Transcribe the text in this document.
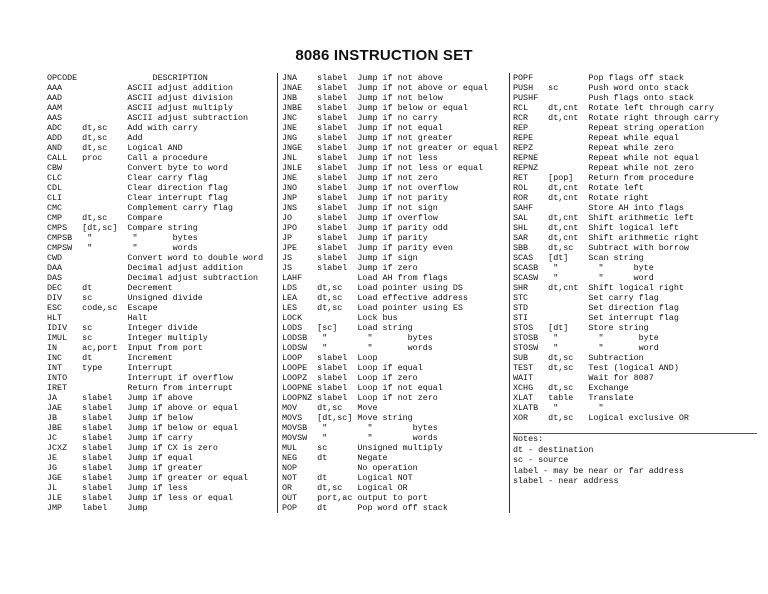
8086 INSTRUCTION SET
OPCODE               DESCRIPTION
AAA             ASCII adjust addition
AAD             ASCII adjust division
AAM             ASCII adjust multiply
AAS             ASCII adjust subtraction
ADC    dt,sc    Add with carry
ADD    dt,sc    Add
AND    dt,sc    Logical AND
CALL   proc     Call a procedure
CBW             Convert byte to word
CLC             Clear carry flag
CDL             Clear direction flag
CLI             Clear interrupt flag
CMC             Complement carry flag
CMP    dt,sc    Compare
CMPS   [dt,sc]  Compare string
CMPSB   "        "       bytes
CMPSW   "        "       words
CWD             Convert word to double word
DAA             Decimal adjust addition
DAS             Decimal adjust subtraction
DEC    dt       Decrement
DIV    sc       Unsigned divide
ESC    code,sc  Escape
HLT             Halt
IDIV   sc       Integer divide
IMUL   sc       Integer multiply
IN     ac,port  Input from port
INC    dt       Increment
INT    type     Interrupt
INTO            Interrupt if overflow
IRET            Return from interrupt
JA     slabel   Jump if above
JAE    slabel   Jump if above or equal
JB     slabel   Jump if below
JBE    slabel   Jump if below or equal
JC     slabel   Jump if carry
JCXZ   slabel   Jump if CX is zero
JE     slabel   Jump if equal
JG     slabel   Jump if greater
JGE    slabel   Jump if greater or equal
JL     slabel   Jump if less
JLE    slabel   Jump if less or equal
JMP    label    Jump
JNA    slabel  Jump if not above
JNAE   slabel  Jump if not above or equal
JNB    slabel  Jump if not below
JNBE   slabel  Jump if below or equal
JNC    slabel  Jump if no carry
JNE    slabel  Jump if not equal
JNG    slabel  Jump if not greater
JNGE   slabel  Jump if not greater or equal
JNL    slabel  Jump if not less
JNLE   slabel  Jump if not less or equal
JNE    slabel  Jump if not zero
JNO    slabel  Jump if not overflow
JNP    slabel  Jump if not parity
JNS    slabel  Jump if not sign
JO     slabel  Jump if overflow
JPO    slabel  Jump if parity odd
JP     slabel  Jump if parity
JPE    slabel  Jump if parity even
JS     slabel  Jump if sign
JS     slabel  Jump if zero
LAHF           Load AH from flags
LDS    dt,sc   Load pointer using DS
LEA    dt,sc   Load effective address
LES    dt,sc   Load pointer using ES
LOCK           Lock bus
LODS   [sc]    Load string
LODSB   "        "       bytes
LODSW   "        "       words
LOOP   slabel  Loop
LOOPE  slabel  Loop if equal
LOOPZ  slabel  Loop if zero
LOOPNE slabel  Loop if not equal
LOOPNZ slabel  Loop if not zero
MOV    dt,sc   Move
MOVS   [dt,sc] Move string
MOVSB   "        "        bytes
MOVSW   "        "        words
MUL    sc      Unsigned multiply
NEG    dt      Negate
NOP            No operation
NOT    dt      Logical NOT
OR     dt,sc   Logical OR
OUT    port,ac output to port
POP    dt      Pop word off stack
POPF           Pop flags off stack
PUSH   sc      Push word onto stack
PUSHF          Push flags onto stack
RCL    dt,cnt  Rotate left through carry
RCR    dt,cnt  Rotate right through carry
REP            Repeat string operation
REPE           Repeat while equal
REPZ           Repeat while zero
REPNE          Repeat while not equal
REPNZ          Repeat while not zero
RET    [pop]   Return from procedure
ROL    dt,cnt  Rotate left
ROR    dt,cnt  Rotate right
SAHF           Store AH into flags
SAL    dt,cnt  Shift arithmetic left
SHL    dt,cnt  Shift logical left
SAR    dt,cnt  Shift arithmetic right
SBB    dt,sc   Subtract with borrow
SCAS   [dt]    Scan string
SCASB   "        "      byte
SCASW   "        "      word
SHR    dt,cnt  Shift logical right
STC            Set carry flag
STD            Set direction flag
STI            Set interrupt flag
STOS   [dt]    Store string
STOSB   "        "       byte
STOSW   "        "       word
SUB    dt,sc   Subtraction
TEST   dt,sc   Test (logical AND)
WAIT           Wait for 8087
XCHG   dt,sc   Exchange
XLAT   table   Translate
XLATB   "        "
XOR    dt,sc   Logical exclusive OR
Notes:
dt - destination
sc - source
label - may be near or far address
slabel - near address
